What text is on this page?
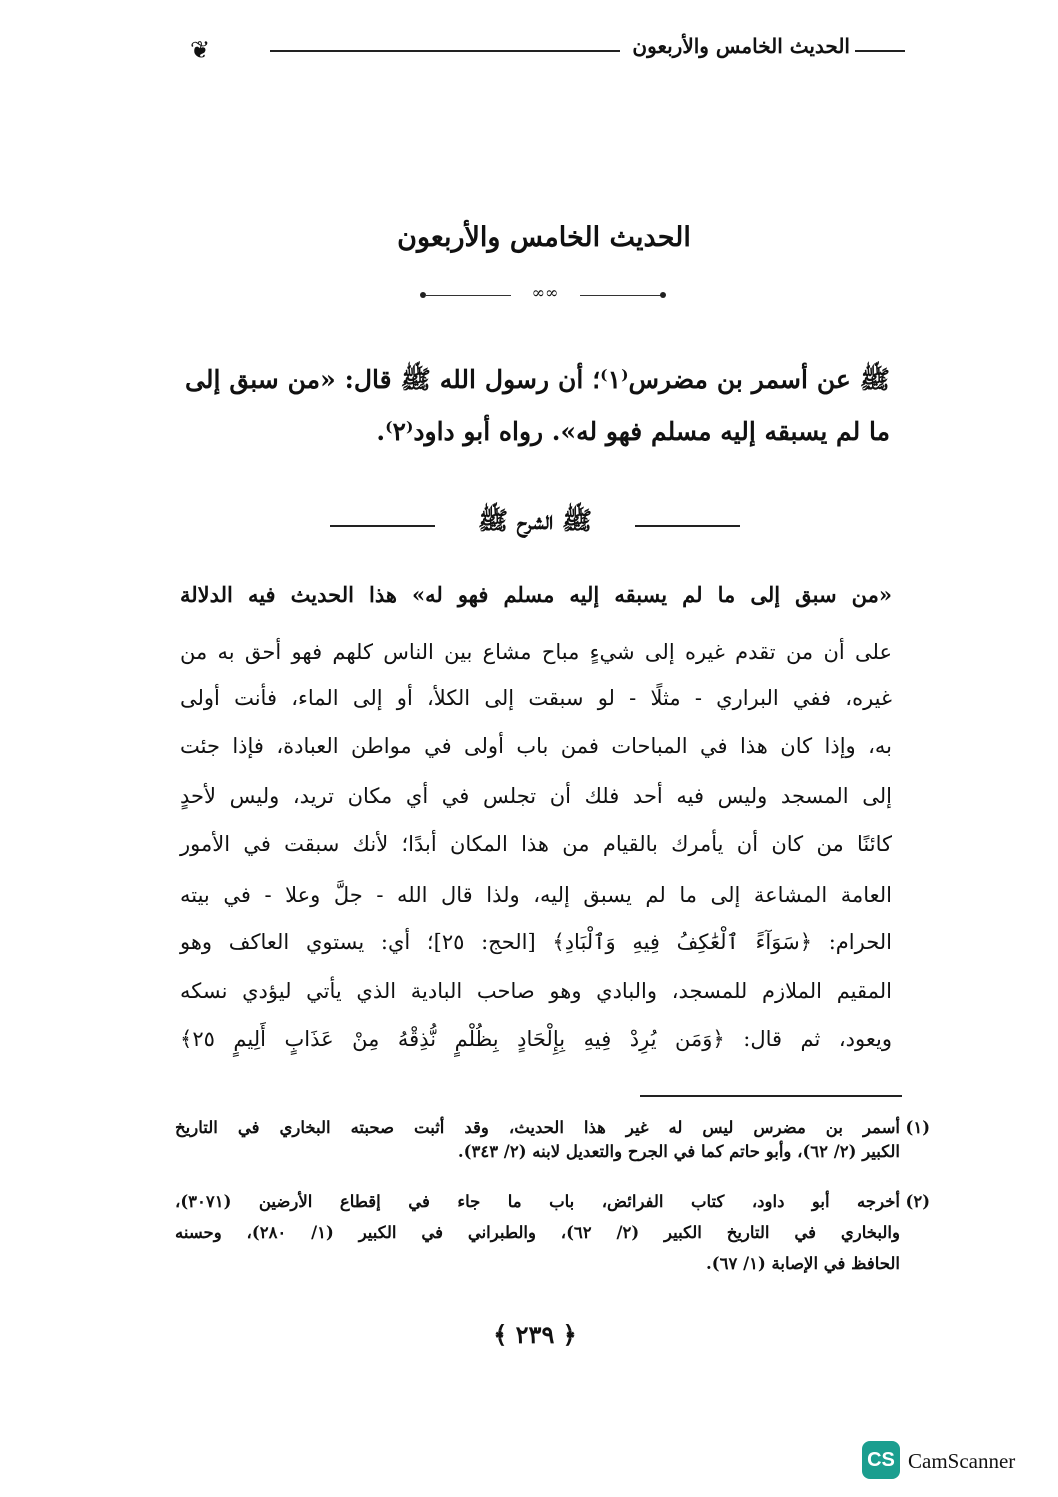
الحديث الخامس والأربعون
❦
الحديث الخامس والأربعون
∞∞
ﷺ عن أسمر بن مضرس⁽١⁾؛ أن رسول الله ﷺ قال: «من سبق إلى
ما لم يسبقه إليه مسلم فهو له». رواه أبو داود⁽٢⁾.
ﷺ الشرح ﷺ
«من سبق إلى ما لم يسبقه إليه مسلم فهو له» هذا الحديث فيه الدلالة
على أن من تقدم غيره إلى شيءٍ مباح مشاع بين الناس كلهم فهو أحق به من
غيره، ففي البراري - مثلًا - لو سبقت إلى الكلأ، أو إلى الماء، فأنت أولى
به، وإذا كان هذا في المباحات فمن باب أولى في مواطن العبادة، فإذا جئت
إلى المسجد وليس فيه أحد فلك أن تجلس في أي مكان تريد، وليس لأحدٍ
كائنًا من كان أن يأمرك بالقيام من هذا المكان أبدًا؛ لأنك سبقت في الأمور
العامة المشاعة إلى ما لم يسبق إليه، ولذا قال الله - جلَّ وعلا - في بيته
الحرام: ﴿سَوَآءً ٱلْعَٰكِفُ فِيهِ وَٱلْبَادِ﴾ [الحج: ٢٥]؛ أي: يستوي العاكف وهو
المقيم الملازم للمسجد، والبادي وهو صاحب البادية الذي يأتي ليؤدي نسكه
ويعود، ثم قال: ﴿وَمَن يُرِدْ فِيهِ بِإِلْحَادٍ بِظُلْمٍ نُّذِقْهُ مِنْ عَذَابٍ أَلِيمٍ ٢٥﴾
(١)
أسمر بن مضرس ليس له غير هذا الحديث، وقد أثبت صحبته البخاري في التاريخ
الكبير (٢/ ٦٢)، وأبو حاتم كما في الجرح والتعديل لابنه (٢/ ٣٤٣).
(٢)
أخرجه أبو داود، كتاب الفرائض، باب ما جاء في إقطاع الأرضين (٣٠٧١)،
والبخاري في التاريخ الكبير (٢/ ٦٢)، والطبراني في الكبير (١/ ٢٨٠)، وحسنه
الحافظ في الإصابة (١/ ٦٧).
﴿ ٢٣٩ ﴾
CS CamScanner
